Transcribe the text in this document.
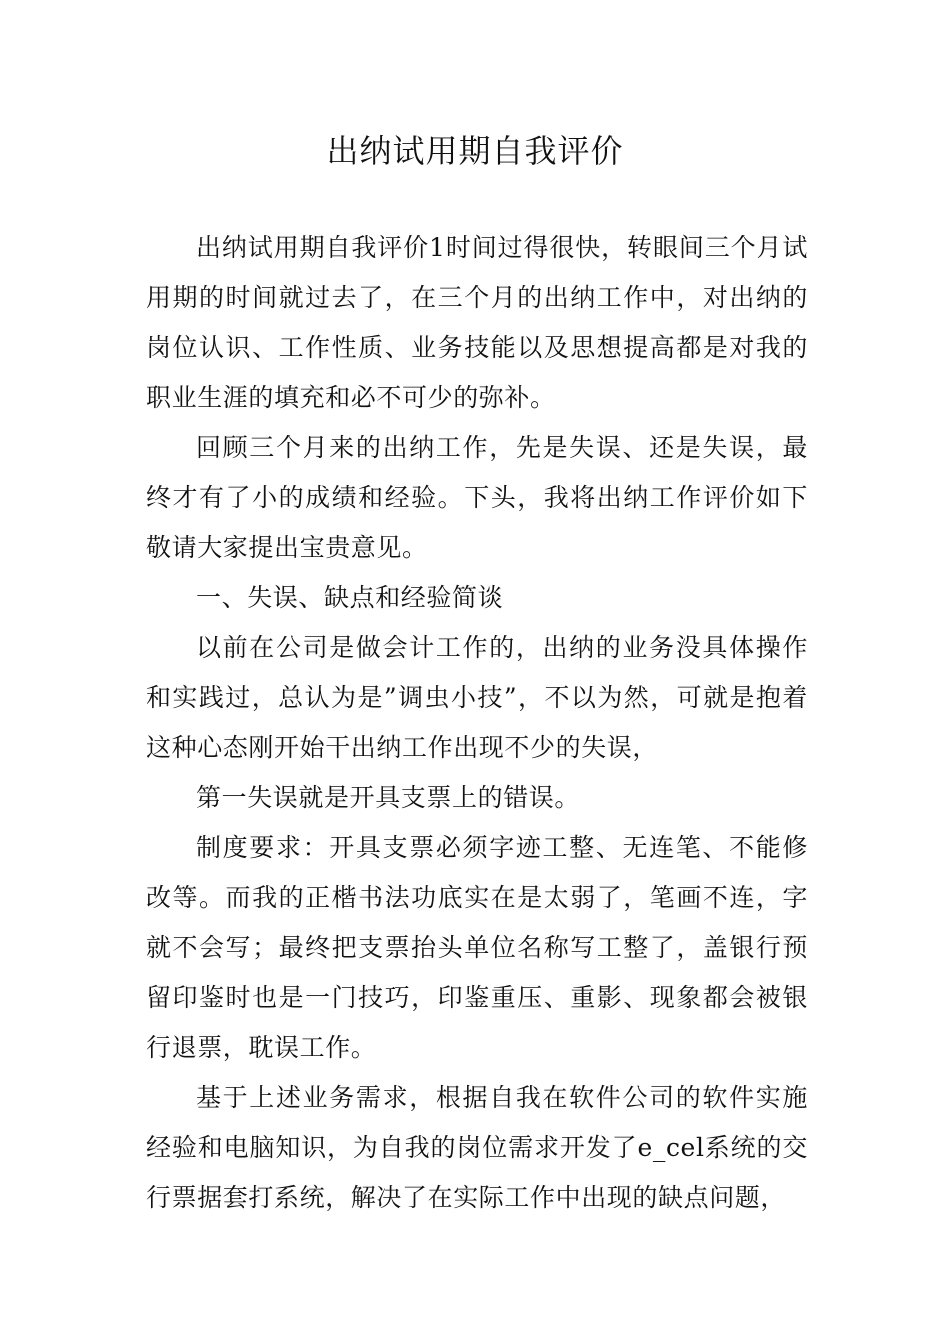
出纳试用期自我评价

出纳试用期自我评价1时间过得很快，转眼间三个月试用期的时间就过去了，在三个月的出纳工作中，对出纳的岗位认识、工作性质、业务技能以及思想提高都是对我的职业生涯的填充和必不可少的弥补。

回顾三个月来的出纳工作，先是失误、还是失误，最终才有了小的成绩和经验。下头，我将出纳工作评价如下敬请大家提出宝贵意见。

一、失误、缺点和经验简谈

以前在公司是做会计工作的，出纳的业务没具体操作和实践过，总认为是”调虫小技”，不以为然，可就是抱着这种心态刚开始干出纳工作出现不少的失误，

第一失误就是开具支票上的错误。

制度要求：开具支票必须字迹工整、无连笔、不能修改等。而我的正楷书法功底实在是太弱了，笔画不连，字就不会写；最终把支票抬头单位名称写工整了，盖银行预留印鉴时也是一门技巧，印鉴重压、重影、现象都会被银行退票，耽误工作。

基于上述业务需求，根据自我在软件公司的软件实施经验和电脑知识，为自我的岗位需求开发了e_cel系统的交行票据套打系统，解决了在实际工作中出现的缺点问题，
